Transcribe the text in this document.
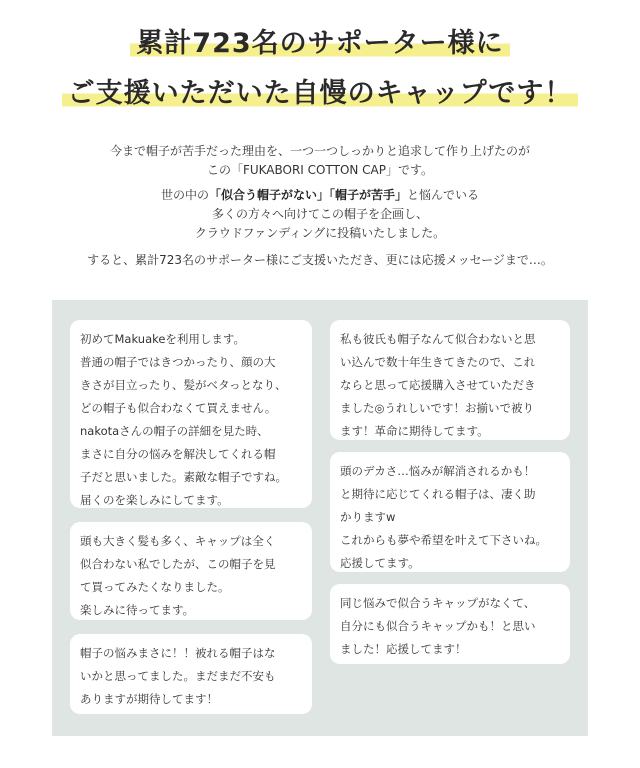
累計723名のサポーター様に
ご支援いただいた自慢のキャップです！

今まで帽子が苦手だった理由を、一つ一つしっかりと追求して作り上げたのが

この「FUKABORI COTTON CAP」です。

世の中の「似合う帽子がない」「帽子が苦手」と悩んでいる

多くの方々へ向けてこの帽子を企画し、

クラウドファンディングに投稿いたしました。

すると、累計723名のサポーター様にご支援いただき、更には応援メッセージまで…。

初めてMakuakeを利用します。
普通の帽子ではきつかったり、顔の大
きさが目立ったり、髪がベタっとなり、
どの帽子も似合わなくて買えません。
nakotaさんの帽子の詳細を見た時、
まさに自分の悩みを解決してくれる帽
子だと思いました。素敵な帽子ですね。
届くのを楽しみにしてます。
頭も大きく髪も多く、キャップは全く
似合わない私でしたが、この帽子を見
て買ってみたくなりました。
楽しみに待ってます。
帽子の悩みまさに！！被れる帽子はな
いかと思ってました。まだまだ不安も
ありますが期待してます！
私も彼氏も帽子なんて似合わないと思
い込んで数十年生きてきたので、これ
ならと思って応援購入させていただき
ました◎うれしいです！お揃いで被り
ます！革命に期待してます。
頭のデカさ…悩みが解消されるかも！
と期待に応じてくれる帽子は、凄く助
かりますw
これからも夢や希望を叶えて下さいね。
応援してます。
同じ悩みで似合うキャップがなくて、
自分にも似合うキャップかも！と思い
ました！応援してます！
